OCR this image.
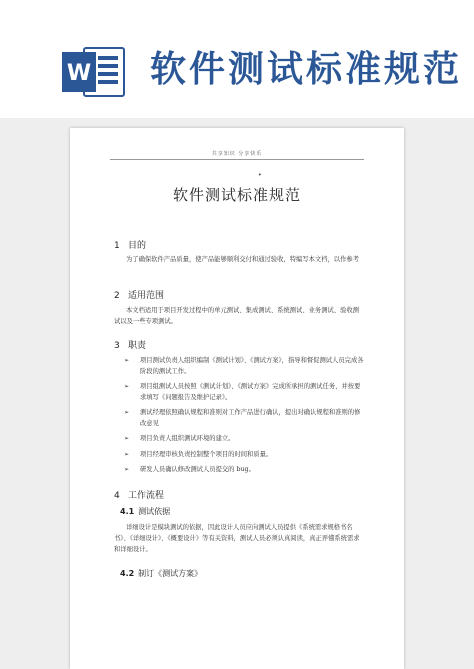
W 软件测试标准规范
共享知识 分享快乐
•
软件测试标准规范
1 目的
为了确保软件产品质量，使产品能够顺利交付和通过验收，特编写本文档，以作参考
2 适用范围
本文档适用于项目开发过程中的单元测试、集成测试、系统测试、业务测试、验收测试以及一些专项测试。
3 职责
➢ 项目测试负责人组织编制《测试计划》、《测试方案》，指导和督促测试人员完成各阶段的测试工作。
➢ 项目组测试人员按照《测试计划》、《测试方案》完成所承担的测试任务，并按要求填写《问题报告及维护记录》。
➢ 测试经理依照确认规程和准则对工作产品进行确认，提出对确认规程和准则的修改意见
➢ 项目负责人组织测试环境的建立。
➢ 项目经理审核负责控制整个项目的时间和质量。
➢ 研发人员确认修改测试人员提交的 bug。
4 工作流程
4.1 测试依据
详细设计是模块测试的依据，因此设计人员应向测试人员提供《系统需求规格书名书》、《详细设计》、《概要设计》等有关资料，测试人员必须认真阅读，真正弄懂系统需求和详细设计。
4.2 制订《测试方案》
